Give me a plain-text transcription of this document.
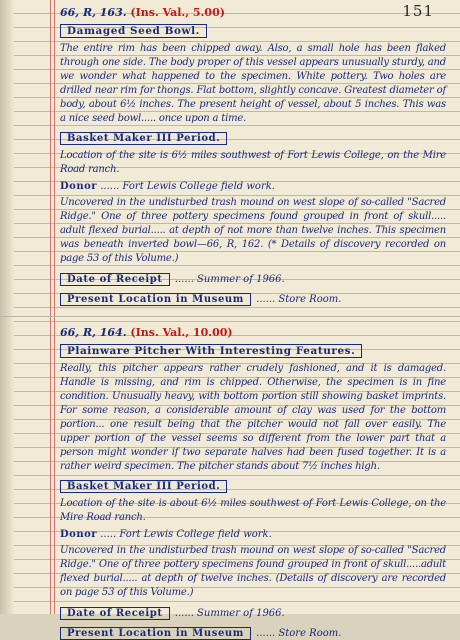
151
66, R, 163. (Ins. Val., 5.00)
Damaged Seed Bowl.

The entire rim has been chipped away. Also, a small hole has been flaked through one side. The body proper of this vessel appears unusually sturdy, and we wonder what happened to the specimen. White pottery. Two holes are drilled near rim for thongs. Flat bottom, slightly concave. Greatest diameter of body, about 6½ inches. The present height of vessel, about 5 inches. This was a nice seed bowl..... once upon a time.

Basket Maker III Period.

Location of the site is 6½ miles southwest of Fort Lewis College, on the Mire Road ranch.

Donor ...... Fort Lewis College field work.

Uncovered in the undisturbed trash mound on west slope of so-called "Sacred Ridge." One of three pottery specimens found grouped in front of skull..... adult flexed burial..... at depth of not more than twelve inches. This specimen was beneath inverted bowl—66, R, 162. (* Details of discovery recorded on page 53 of this Volume.)

Date of Receipt ...... Summer of 1966.
Present Location in Museum ...... Store Room.
66, R, 164. (Ins. Val., 10.00)
Plainware Pitcher With Interesting Features.

Really, this pitcher appears rather crudely fashioned, and it is damaged. Handle is missing, and rim is chipped. Otherwise, the specimen is in fine condition. Unusually heavy, with bottom portion still showing basket imprints. For some reason, a considerable amount of clay was used for the bottom portion... one result being that the pitcher would not fall over easily. The upper portion of the vessel seems so different from the lower part that a person might wonder if two separate halves had been fused together. It is a rather weird specimen. The pitcher stands about 7½ inches high.

Basket Maker III Period.

Location of the site is about 6½ miles southwest of Fort Lewis College, on the Mire Road ranch.

Donor ..... Fort Lewis College field work.

Uncovered in the undisturbed trash mound on west slope of so-called "Sacred Ridge." One of three pottery specimens found grouped in front of skull.....adult flexed burial..... at depth of twelve inches. (Details of discovery are recorded on page 53 of this Volume.)

Date of Receipt ...... Summer of 1966.
Present Location in Museum ...... Store Room.
